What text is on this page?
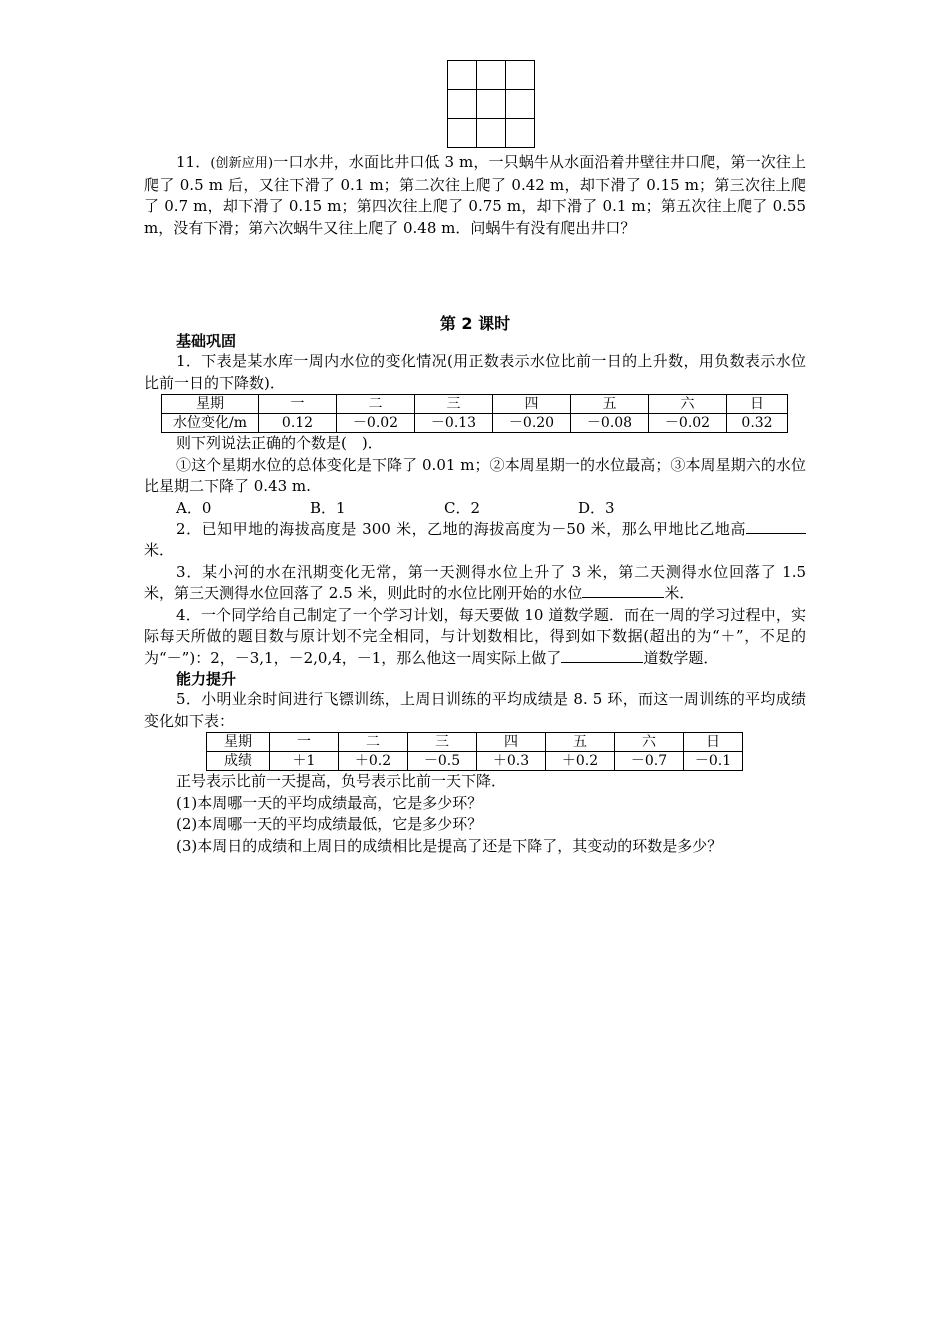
11．(创新应用)一口水井，水面比井口低 3 m，一只蜗牛从水面沿着井壁往井口爬，第一次往上爬了 0.5 m 后，又往下滑了 0.1 m；第二次往上爬了 0.42 m，却下滑了 0.15 m；第三次往上爬了 0.7 m，却下滑了 0.15 m；第四次往上爬了 0.75 m，却下滑了 0.1 m；第五次往上爬了 0.55 m，没有下滑；第六次蜗牛又往上爬了 0.48 m．问蜗牛有没有爬出井口？

第 2 课时
基础巩固

1．下表是某水库一周内水位的变化情况(用正数表示水位比前一日的上升数，用负数表示水位比前一日的下降数)．

星期	一	二	三	四	五	六	日
水位变化/m	0.12	－0.02	－0.13	－0.20	－0.08	－0.02	0.32

则下列说法正确的个数是(　)．

①这个星期水位的总体变化是下降了 0.01 m；②本周星期一的水位最高；③本周星期六的水位比星期二下降了 0.43 m.

A．0	B．1	C．2	D．3

2．已知甲地的海拔高度是 300 米，乙地的海拔高度为－50 米，那么甲地比乙地高米．

3．某小河的水在汛期变化无常，第一天测得水位上升了 3 米，第二天测得水位回落了 1.5 米，第三天测得水位回落了 2.5 米，则此时的水位比刚开始的水位	米．

4．一个同学给自己制定了一个学习计划，每天要做 10 道数学题．而在一周的学习过程中，实际每天所做的题目数与原计划不完全相同，与计划数相比，得到如下数据(超出的为“＋”，不足的为“－”)：2，－3,1，－2,0,4，－1，那么他这一周实际上做了	道数学题．

能力提升

5．小明业余时间进行飞镖训练，上周日训练的平均成绩是 8. 5 环，而这一周训练的平均成绩变化如下表：

星期	一	二	三	四	五	六	日
成绩	＋1	＋0.2	－0.5	＋0.3	＋0.2	－0.7	－0.1

正号表示比前一天提高，负号表示比前一天下降．

(1)本周哪一天的平均成绩最高，它是多少环？

(2)本周哪一天的平均成绩最低，它是多少环？

(3)本周日的成绩和上周日的成绩相比是提高了还是下降了，其变动的环数是多少？
